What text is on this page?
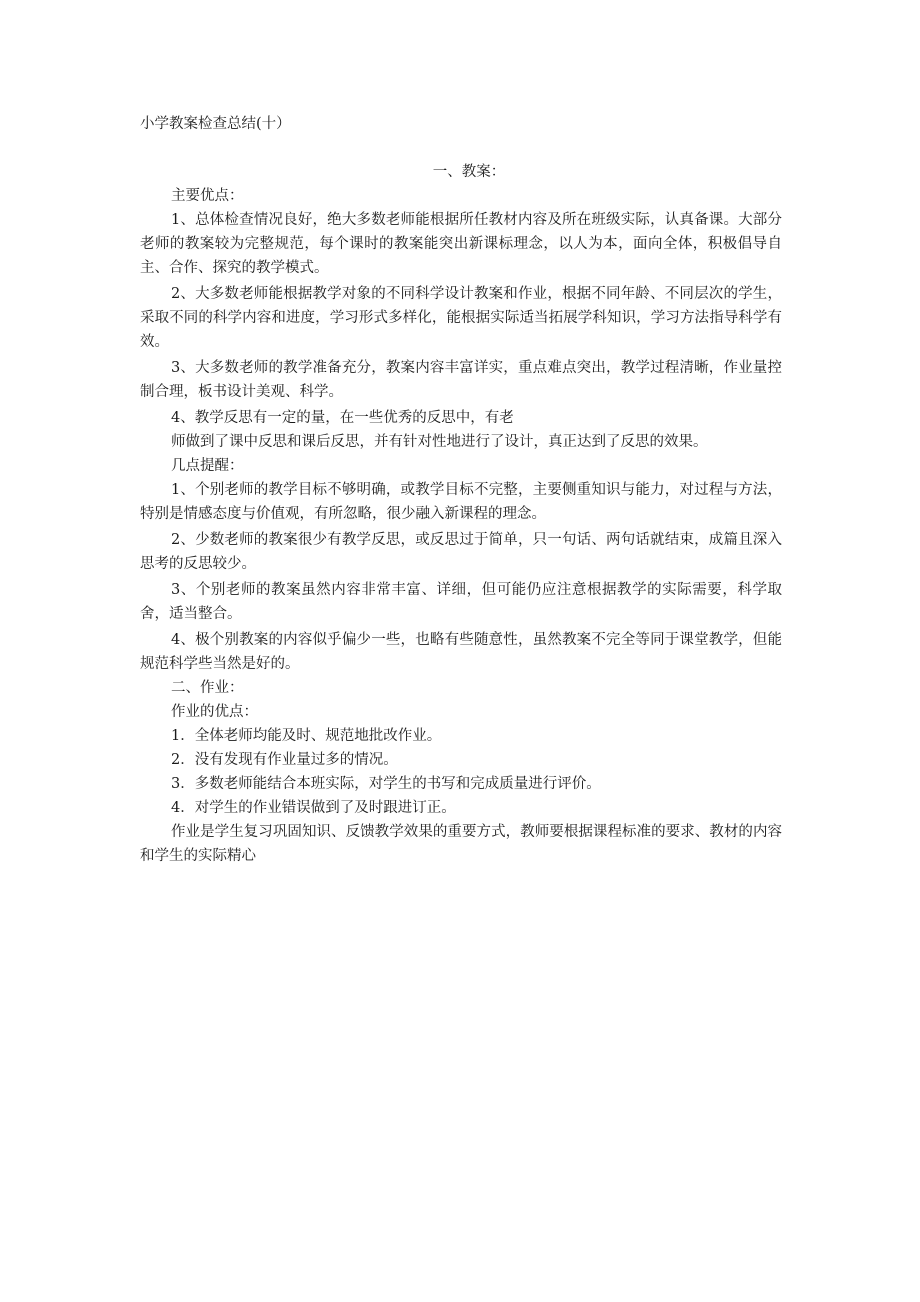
小学教案检查总结(十）

一、教案：

主要优点：

1、总体检查情况良好，绝大多数老师能根据所任教材内容及所在班级实际，认真备课。大部分老师的教案较为完整规范，每个课时的教案能突出新课标理念，以人为本，面向全体，积极倡导自主、合作、探究的教学模式。

2、大多数老师能根据教学对象的不同科学设计教案和作业，根据不同年龄、不同层次的学生，采取不同的科学内容和进度，学习形式多样化，能根据实际适当拓展学科知识，学习方法指导科学有效。

3、大多数老师的教学准备充分，教案内容丰富详实，重点难点突出，教学过程清晰，作业量控制合理，板书设计美观、科学。

4、教学反思有一定的量，在一些优秀的反思中，有老

师做到了课中反思和课后反思，并有针对性地进行了设计，真正达到了反思的效果。

几点提醒：

1、个别老师的教学目标不够明确，或教学目标不完整，主要侧重知识与能力，对过程与方法，特别是情感态度与价值观，有所忽略，很少融入新课程的理念。

2、少数老师的教案很少有教学反思，或反思过于简单，只一句话、两句话就结束，成篇且深入思考的反思较少。

3、个别老师的教案虽然内容非常丰富、详细，但可能仍应注意根据教学的实际需要，科学取舍，适当整合。

4、极个别教案的内容似乎偏少一些，也略有些随意性，虽然教案不完全等同于课堂教学，但能规范科学些当然是好的。

二、作业：

作业的优点：

1．全体老师均能及时、规范地批改作业。

2．没有发现有作业量过多的情况。

3．多数老师能结合本班实际，对学生的书写和完成质量进行评价。

4．对学生的作业错误做到了及时跟进订正。

作业是学生复习巩固知识、反馈教学效果的重要方式，教师要根据课程标准的要求、教材的内容和学生的实际精心
